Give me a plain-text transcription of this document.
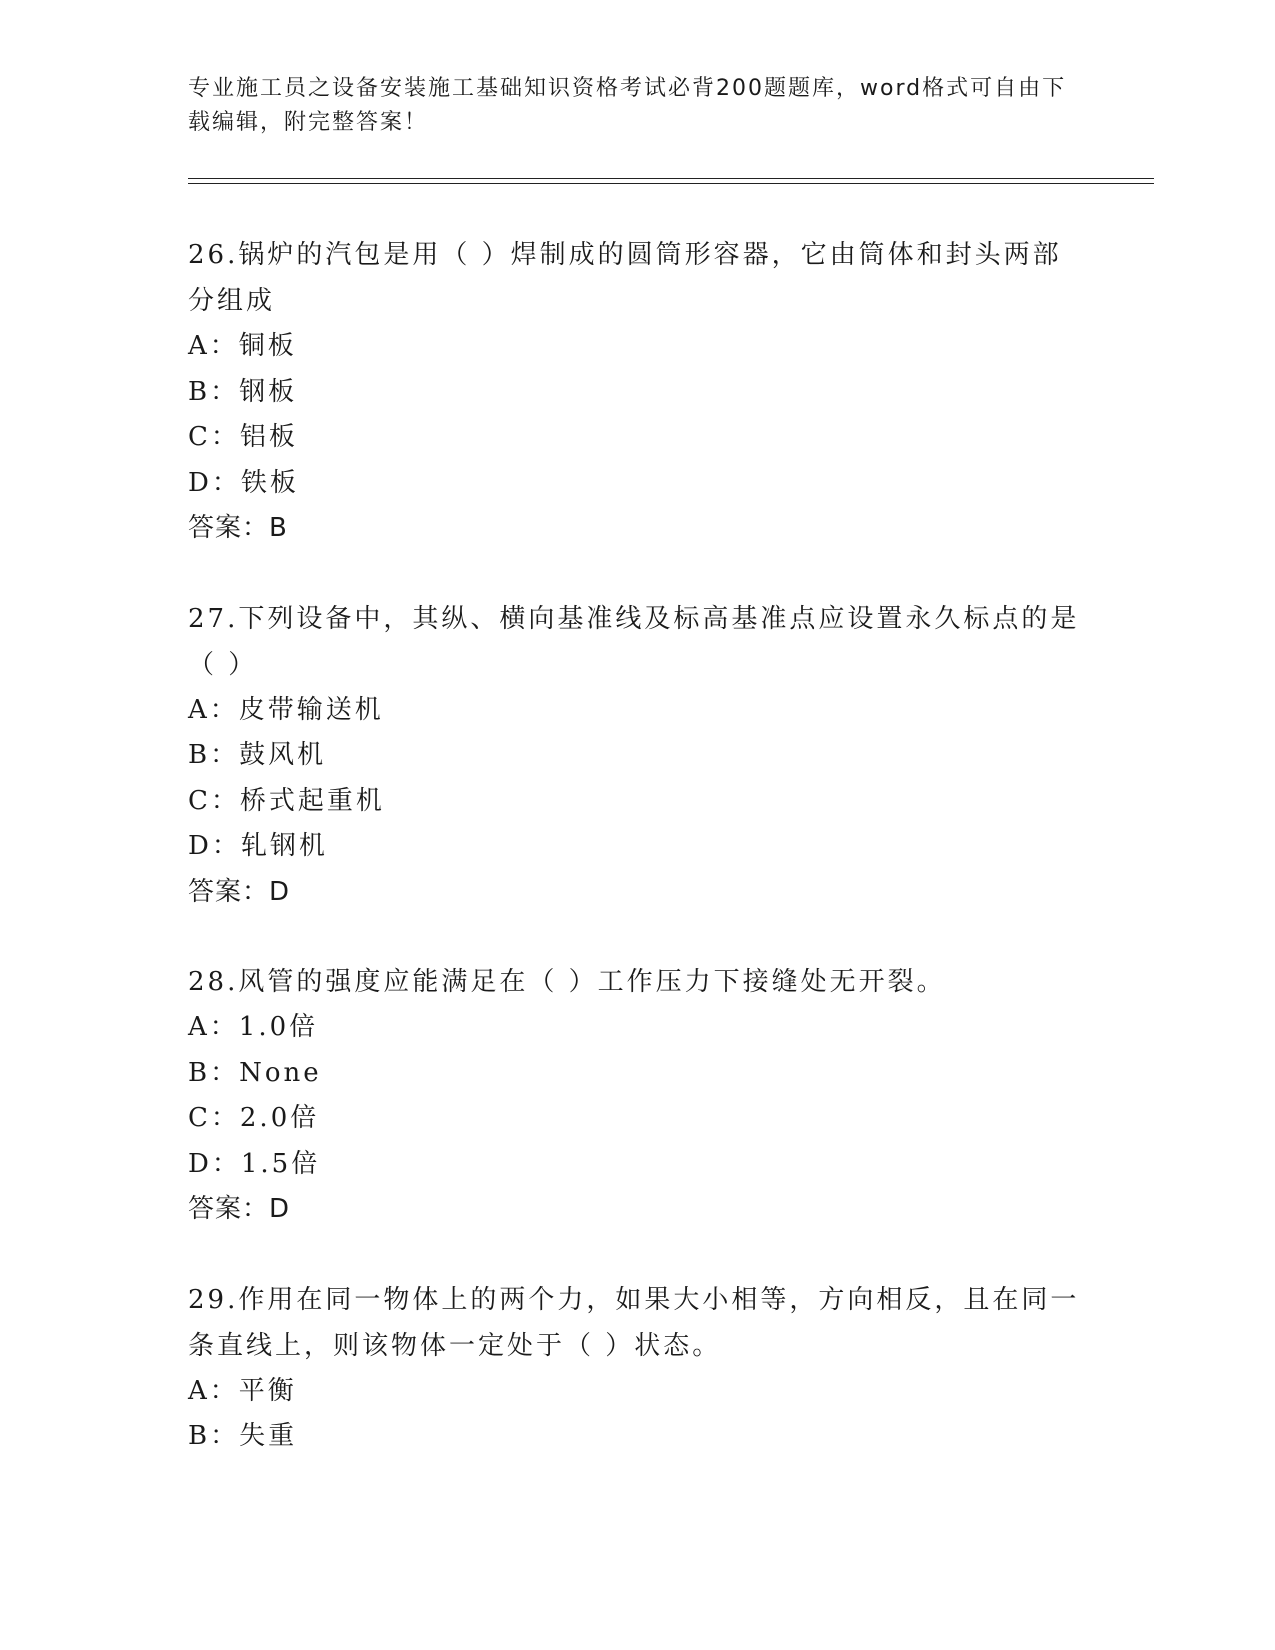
专业施工员之设备安装施工基础知识资格考试必背200题题库，word格式可自由下载编辑，附完整答案！
26.锅炉的汽包是用（ ）焊制成的圆筒形容器，它由筒体和封头两部分组成
A：铜板
B：钢板
C：铝板
D：铁板
答案：B
27.下列设备中，其纵、横向基准线及标高基准点应设置永久标点的是（ ）
A：皮带输送机
B：鼓风机
C：桥式起重机
D：轧钢机
答案：D
28.风管的强度应能满足在（ ）工作压力下接缝处无开裂。
A：1.0倍
B：None
C：2.0倍
D：1.5倍
答案：D
29.作用在同一物体上的两个力，如果大小相等，方向相反，且在同一条直线上，则该物体一定处于（ ）状态。
A：平衡
B：失重
